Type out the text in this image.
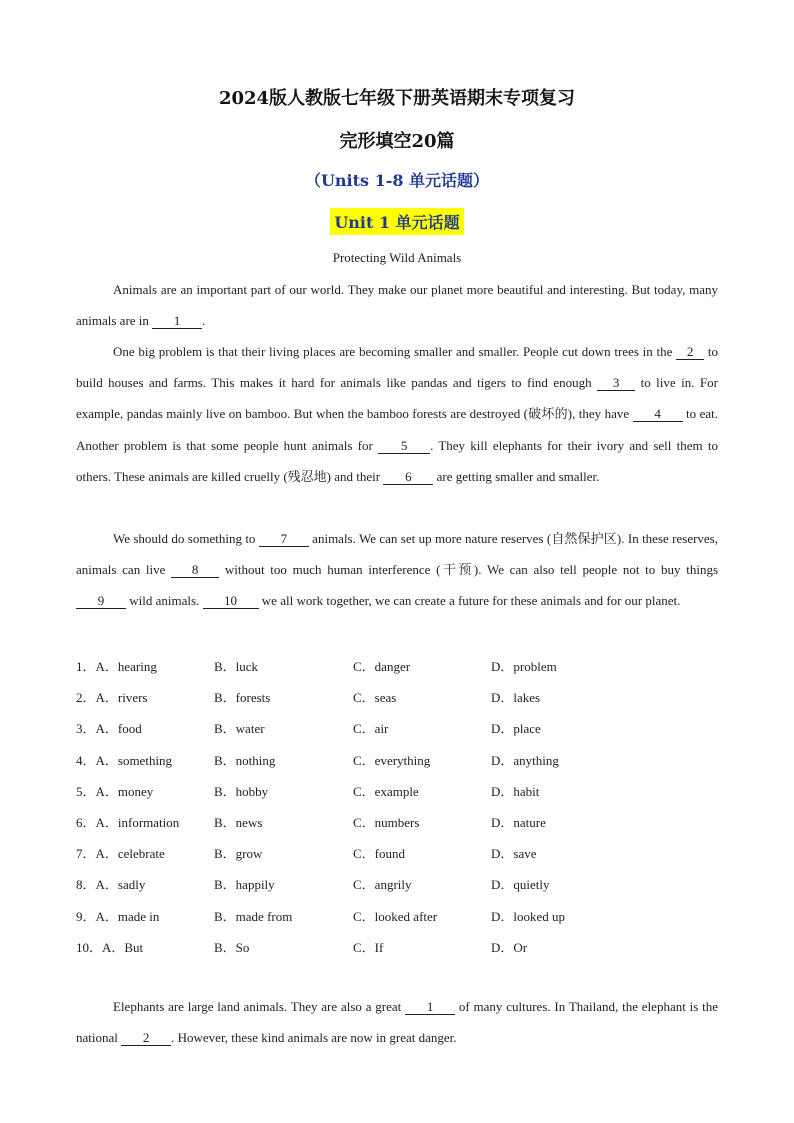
2024版人教版七年级下册英语期末专项复习
完形填空20篇
（Units 1-8 单元话题）
Unit 1 单元话题
Protecting Wild Animals

Animals are an important part of our world. They make our planet more beautiful and interesting. But today, many animals are in 1 .

One big problem is that their living places are becoming smaller and smaller. People cut down trees in the 2 to build houses and farms. This makes it hard for animals like pandas and tigers to find enough 3 to live in. For example, pandas mainly live on bamboo. But when the bamboo forests are destroyed (破坏的), they have 4 to eat. Another problem is that some people hunt animals for 5 . They kill elephants for their ivory and sell them to others. These animals are killed cruelly (残忍地) and their 6 are getting smaller and smaller.

We should do something to 7 animals. We can set up more nature reserves (自然保护区). In these reserves, animals can live 8 without too much human interference (干预). We can also tell people not to buy things 9 wild animals. 10 we all work together, we can create a future for these animals and for our planet.

1．A．hearing	B．luck	C．danger	D．problem
2．A．rivers	B．forests	C．seas	D．lakes
3．A．food	B．water	C．air	D．place
4．A．something	B．nothing	C．everything	D．anything
5．A．money	B．hobby	C．example	D．habit
6．A．information	B．news	C．numbers	D．nature
7．A．celebrate	B．grow	C．found	D．save
8．A．sadly	B．happily	C．angrily	D．quietly
9．A．made in	B．made from	C．looked after	D．looked up
10．A．But	B．So	C．If	D．Or

Elephants are large land animals. They are also a great 1 of many cultures. In Thailand, the elephant is the national 2 . However, these kind animals are now in great danger.
